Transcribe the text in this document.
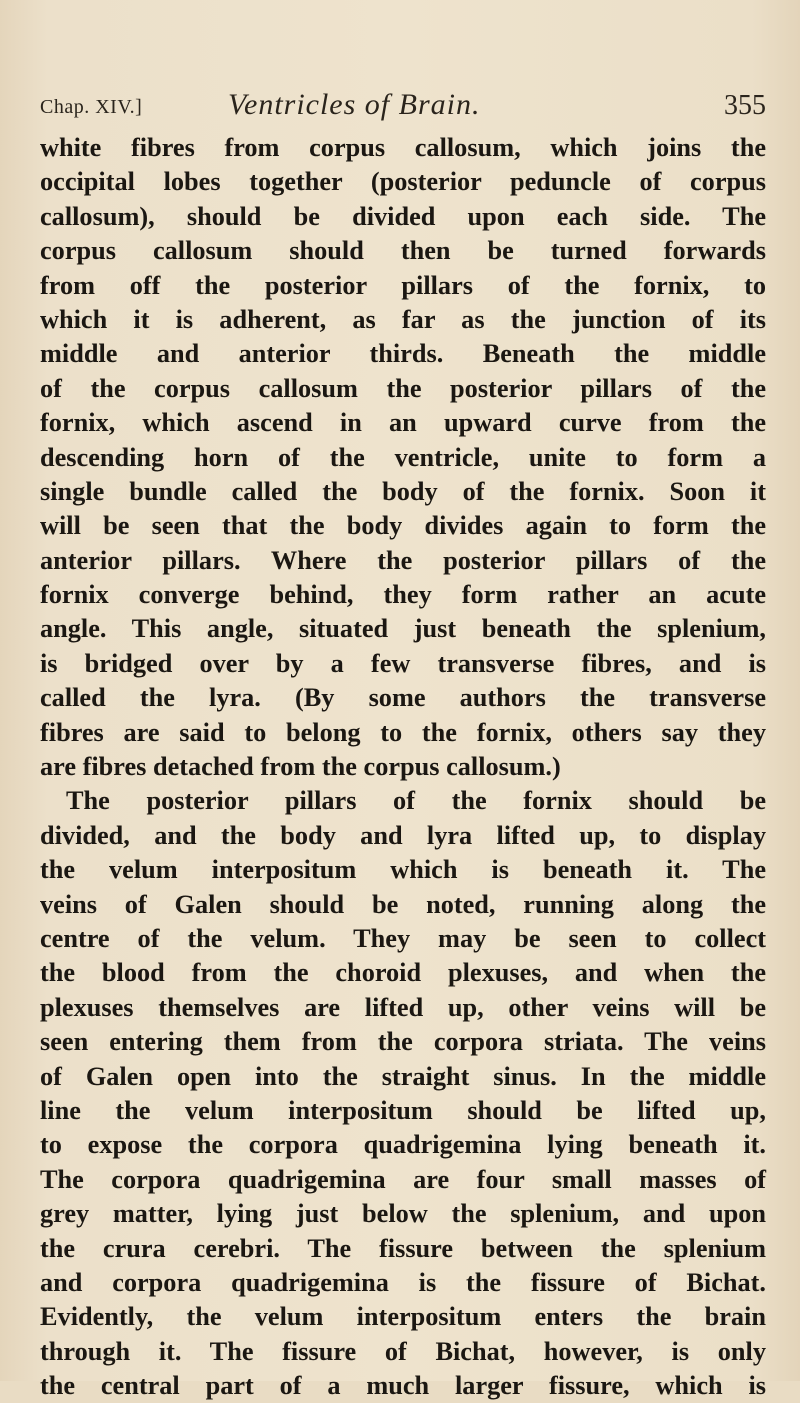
Chap. XIV.]	Ventricles of Brain.	355
white fibres from corpus callosum, which joins the
occipital lobes together (posterior peduncle of corpus
callosum), should be divided upon each side. The
corpus callosum should then be turned forwards
from off the posterior pillars of the fornix, to
which it is adherent, as far as the junction of its
middle and anterior thirds. Beneath the middle
of the corpus callosum the posterior pillars of the
fornix, which ascend in an upward curve from the
descending horn of the ventricle, unite to form a
single bundle called the body of the fornix. Soon it
will be seen that the body divides again to form the
anterior pillars. Where the posterior pillars of the
fornix converge behind, they form rather an acute
angle. This angle, situated just beneath the splenium,
is bridged over by a few transverse fibres, and is
called the lyra. (By some authors the transverse
fibres are said to belong to the fornix, others say they
are fibres detached from the corpus callosum.)
The posterior pillars of the fornix should be
divided, and the body and lyra lifted up, to display
the velum interpositum which is beneath it. The
veins of Galen should be noted, running along the
centre of the velum. They may be seen to collect
the blood from the choroid plexuses, and when the
plexuses themselves are lifted up, other veins will be
seen entering them from the corpora striata. The veins
of Galen open into the straight sinus. In the middle
line the velum interpositum should be lifted up,
to expose the corpora quadrigemina lying beneath it.
The corpora quadrigemina are four small masses of
grey matter, lying just below the splenium, and upon
the crura cerebri. The fissure between the splenium
and corpora quadrigemina is the fissure of Bichat.
Evidently, the velum interpositum enters the brain
through it. The fissure of Bichat, however, is only
the central part of a much larger fissure, which is
